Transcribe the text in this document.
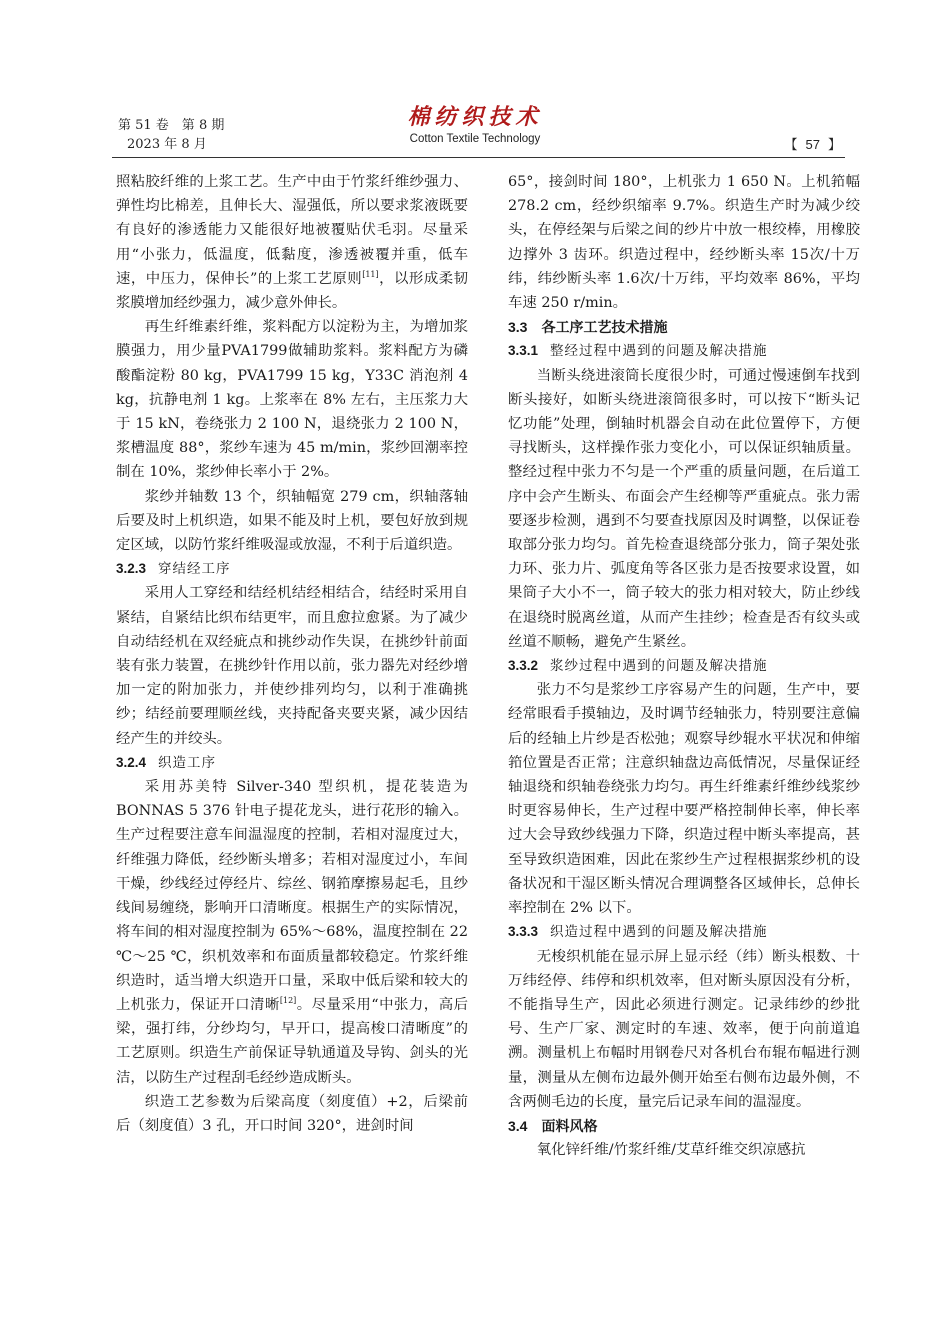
第 51 卷　第 8 期
2023 年 8 月
棉纺织技术
Cotton Textile Technology	【 57 】

照粘胶纤维的上浆工艺。生产中由于竹浆纤维纱强力、弹性均比棉差，且伸长大、湿强低，所以要求浆液既要有良好的渗透能力又能很好地被覆贴伏毛羽。尽量采用“小张力，低温度，低黏度，渗透被覆并重，低车速，中压力，保伸长”的上浆工艺原则[11]，以形成柔韧浆膜增加经纱强力，减少意外伸长。

再生纤维素纤维，浆料配方以淀粉为主，为增加浆膜强力，用少量PVA1799做辅助浆料。浆料配方为磷酸酯淀粉 80 kg，PVA1799 15 kg，Y33C 消泡剂 4 kg，抗静电剂 1 kg。上浆率在 8% 左右，主压浆力大于 15 kN，卷绕张力 2 100 N，退绕张力 2 100 N，浆槽温度 88°，浆纱车速为 45 m/min，浆纱回潮率控制在 10%，浆纱伸长率小于 2%。

浆纱并轴数 13 个，织轴幅宽 279 cm，织轴落轴后要及时上机织造，如果不能及时上机，要包好放到规定区域，以防竹浆纤维吸湿或放湿，不利于后道织造。

3.2.3 穿结经工序

采用人工穿经和结经机结经相结合，结经时采用自紧结，自紧结比织布结更牢，而且愈拉愈紧。为了减少自动结经机在双经疵点和挑纱动作失误，在挑纱针前面装有张力装置，在挑纱针作用以前，张力器先对经纱增加一定的附加张力，并使纱排列均匀，以利于准确挑纱；结经前要理顺丝线，夹持配备夹要夹紧，减少因结经产生的并绞头。

3.2.4 织造工序

采用苏美特 Silver-340 型织机，提花装造为 BONNAS 5 376 针电子提花龙头，进行花形的输入。生产过程要注意车间温湿度的控制，若相对湿度过大，纤维强力降低，经纱断头增多；若相对湿度过小，车间干燥，纱线经过停经片、综丝、钢筘摩擦易起毛，且纱线间易缠绕，影响开口清晰度。根据生产的实际情况，将车间的相对湿度控制为 65%～68%，温度控制在 22 ℃～25 ℃，织机效率和布面质量都较稳定。竹浆纤维织造时，适当增大织造开口量，采取中低后梁和较大的上机张力，保证开口清晰[12]。尽量采用“中张力，高后梁，强打纬，分纱均匀，早开口，提高梭口清晰度”的工艺原则。织造生产前保证导轨通道及导钩、剑头的光洁，以防生产过程刮毛经纱造成断头。

织造工艺参数为后梁高度（刻度值）+2，后梁前后（刻度值）3 孔，开口时间 320°，进剑时间

65°，接剑时间 180°，上机张力 1 650 N。上机筘幅 278.2 cm，经纱织缩率 9.7%。织造生产时为减少绞头，在停经架与后梁之间的纱片中放一根绞棒，用橡胶边撑外 3 齿环。织造过程中，经纱断头率 15次/十万纬，纬纱断头率 1.6次/十万纬，平均效率 86%，平均车速 250 r/min。

3.3　各工序工艺技术措施
3.3.1 整经过程中遇到的问题及解决措施

当断头绕进滚筒长度很少时，可通过慢速倒车找到断头接好，如断头绕进滚筒很多时，可以按下“断头记忆功能”处理，倒轴时机器会自动在此位置停下，方便寻找断头，这样操作张力变化小，可以保证织轴质量。整经过程中张力不匀是一个严重的质量问题，在后道工序中会产生断头、布面会产生经柳等严重疵点。张力需要逐步检测，遇到不匀要查找原因及时调整，以保证卷取部分张力均匀。首先检查退绕部分张力，筒子架处张力环、张力片、弧度角等各区张力是否按要求设置，如果筒子大小不一，筒子较大的张力相对较大，防止纱线在退绕时脱离丝道，从而产生挂纱；检查是否有纹头或丝道不顺畅，避免产生紧丝。

3.3.2 浆纱过程中遇到的问题及解决措施

张力不匀是浆纱工序容易产生的问题，生产中，要经常眼看手摸轴边，及时调节经轴张力，特别要注意偏后的经轴上片纱是否松弛；观察导纱辊水平状况和伸缩筘位置是否正常；注意织轴盘边高低情况，尽量保证经轴退绕和织轴卷绕张力均匀。再生纤维素纤维纱线浆纱时更容易伸长，生产过程中要严格控制伸长率，伸长率过大会导致纱线强力下降，织造过程中断头率提高，甚至导致织造困难，因此在浆纱生产过程根据浆纱机的设备状况和干湿区断头情况合理调整各区域伸长，总伸长率控制在 2% 以下。

3.3.3 织造过程中遇到的问题及解决措施

无梭织机能在显示屏上显示经（纬）断头根数、十万纬经停、纬停和织机效率，但对断头原因没有分析，不能指导生产，因此必须进行测定。记录纬纱的纱批号、生产厂家、测定时的车速、效率，便于向前道追溯。测量机上布幅时用钢卷尺对各机台布辊布幅进行测量，测量从左侧布边最外侧开始至右侧布边最外侧，不含两侧毛边的长度，量完后记录车间的温湿度。

3.4　面料风格

氧化锌纤维/竹浆纤维/艾草纤维交织凉感抗
